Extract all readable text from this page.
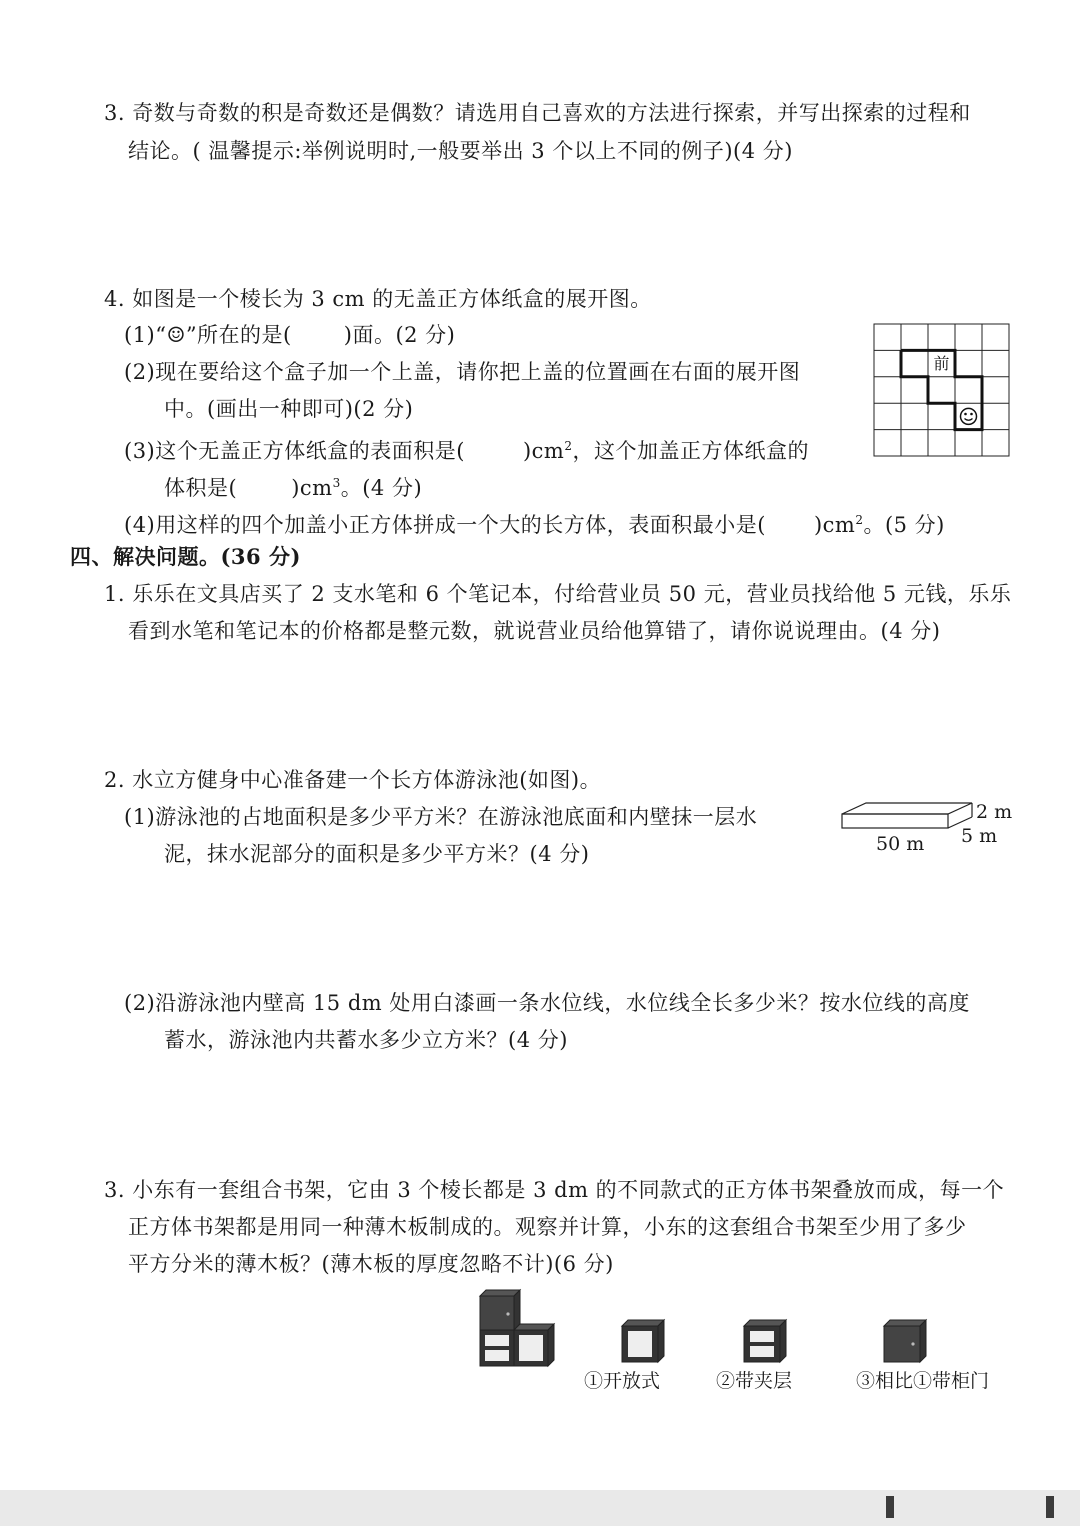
3. 奇数与奇数的积是奇数还是偶数？请选用自己喜欢的方法进行探索，并写出探索的过程和
结论。( 温馨提示:举例说明时,一般要举出 3 个以上不同的例子)(4 分)
4. 如图是一个棱长为 3 cm 的无盖正方体纸盒的展开图。
(1)“☺”所在的是( )面。(2 分)
(2)现在要给这个盒子加一个上盖，请你把上盖的位置画在右面的展开图
中。(画出一种即可)(2 分)
(3)这个无盖正方体纸盒的表面积是(	)$cm^2$，这个加盖正方体纸盒的
体积是(	)$cm^3$。(4 分)
(4)用这样的四个加盖小正方体拼成一个大的长方体，表面积最小是( )$cm^2$。(5 分)
前
四、解决问题。(36 分)
1. 乐乐在文具店买了 2 支水笔和 6 个笔记本，付给营业员 50 元，营业员找给他 5 元钱，乐乐
看到水笔和笔记本的价格都是整元数，就说营业员给他算错了，请你说说理由。(4 分)
2. 水立方健身中心准备建一个长方体游泳池(如图)。
(1)游泳池的占地面积是多少平方米？在游泳池底面和内壁抹一层水
泥，抹水泥部分的面积是多少平方米？(4 分)	50 m 5 m
2 m
(2)沿游泳池内壁高 15 dm 处用白漆画一条水位线，水位线全长多少米？按水位线的高度
蓄水，游泳池内共蓄水多少立方米？(4 分)
3. 小东有一套组合书架，它由 3 个棱长都是 3 dm 的不同款式的正方体书架叠放而成，每一个
正方体书架都是用同一种薄木板制成的。观察并计算，小东的这套组合书架至少用了多少
平方分米的薄木板？(薄木板的厚度忽略不计)(6 分)
①开放式	②带夹层	③相比①带柜门
